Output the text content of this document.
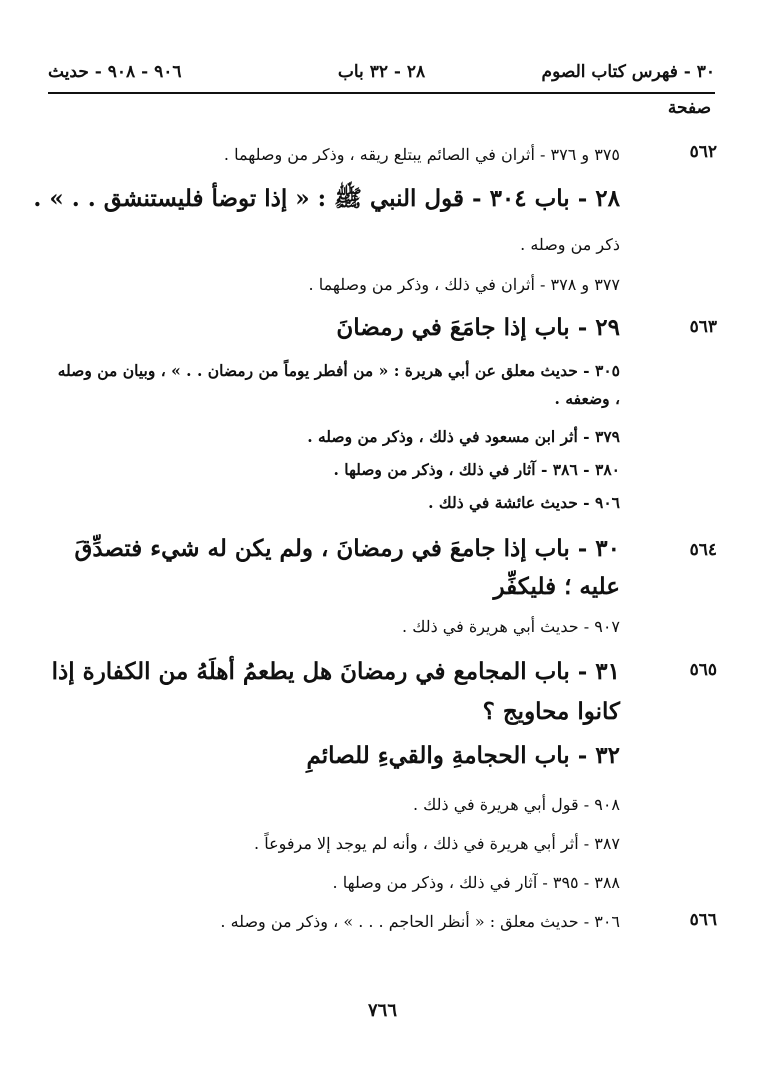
٣٠ - فهرس كتاب الصوم
٢٨ - ٣٢ باب
٩٠٦ - ٩٠٨ - حديث
صفحة
٥٦٢
٣٧٥ و ٣٧٦ - أثران في الصائم يبتلع ريقه ، وذكر من وصلهما .
٢٨ - باب ٣٠٤ - قول النبي ﷺ : « إذا توضأ فليستنشق . . » .
ذكر من وصله .
٣٧٧ و ٣٧٨ - أثران في ذلك ، وذكر من وصلهما .
٥٦٣
٢٩ - باب إذا جامَعَ في رمضانَ
٣٠٥ - حديث معلق عن أبي هريرة : « من أفطر يوماً من رمضان . . » ، وبيان من وصله ، وضعفه .
٣٧٩ - أثر ابن مسعود في ذلك ، وذكر من وصله .
٣٨٠ - ٣٨٦ - آثار في ذلك ، وذكر من وصلها .
٩٠٦ - حديث عائشة في ذلك .
٥٦٤
٣٠ - باب إذا جامعَ في رمضانَ ، ولم يكن له شيء فتصدِّقَ عليه ؛ فليكفِّر
٩٠٧ - حديث أبي هريرة في ذلك .
٥٦٥
٣١ - باب المجامع في رمضانَ هل يطعمُ أهلَهُ من الكفارة إذا كانوا محاويج ؟
٣٢ - باب الحجامةِ والقيءِ للصائمِ
٩٠٨ - قول أبي هريرة في ذلك .
٣٨٧ - أثر أبي هريرة في ذلك ، وأنه لم يوجد إلا مرفوعاً .
٣٨٨ - ٣٩٥ - آثار في ذلك ، وذكر من وصلها .
٥٦٦
٣٠٦ - حديث معلق : « أنظر الحاجم . . . » ، وذكر من وصله .
٧٦٦
